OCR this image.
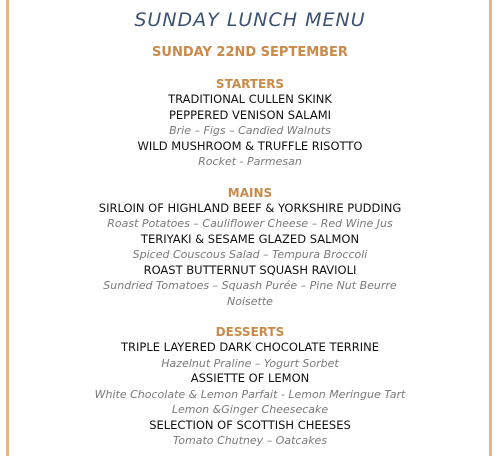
SUNDAY LUNCH MENU
SUNDAY 22ND SEPTEMBER
STARTERS
TRADITIONAL CULLEN SKINK
PEPPERED VENISON SALAMI
Brie – Figs – Candied Walnuts
WILD MUSHROOM & TRUFFLE RISOTTO
Rocket - Parmesan
MAINS
SIRLOIN OF HIGHLAND BEEF & YORKSHIRE PUDDING
Roast Potatoes – Cauliflower Cheese – Red Wine Jus
TERIYAKI & SESAME GLAZED SALMON
Spiced Couscous Salad – Tempura Broccoli
ROAST BUTTERNUT SQUASH RAVIOLI
Sundried Tomatoes – Squash Purée – Pine Nut Beurre
Noisette
DESSERTS
TRIPLE LAYERED DARK CHOCOLATE TERRINE
Hazelnut Praline – Yogurt Sorbet
ASSIETTE OF LEMON
White Chocolate & Lemon Parfait - Lemon Meringue Tart
Lemon &Ginger Cheesecake
SELECTION OF SCOTTISH CHEESES
Tomato Chutney – Oatcakes
